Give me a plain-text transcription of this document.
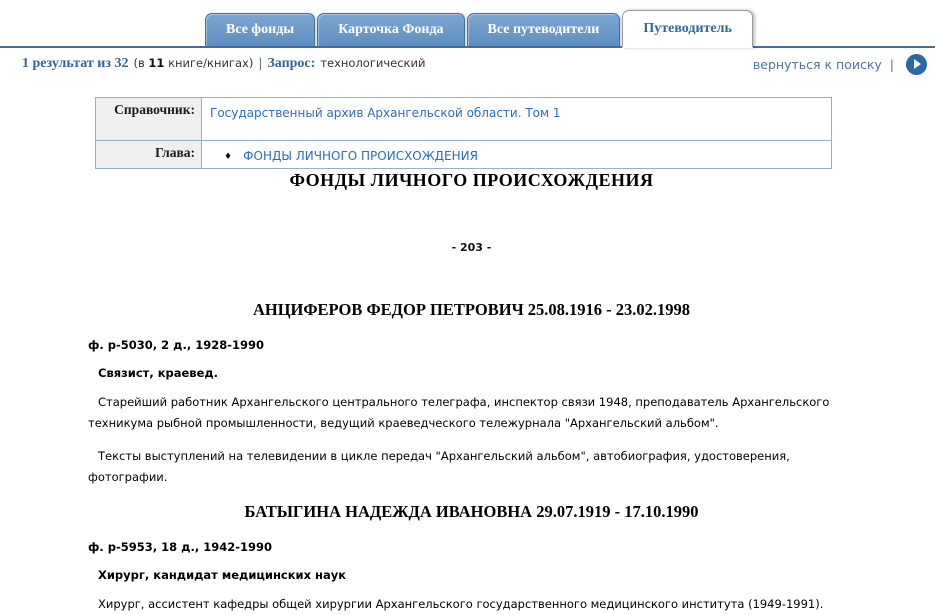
Все фонды	Карточка Фонда	Все путеводители	Путеводитель
1 результат из 32 (в 11 книге/книгах) | Запрос: технологический	вернуться к поиску |
Справочник:	Государственный архив Архангельской области. Том 1
Глава:	♦ ФОНДЫ ЛИЧНОГО ПРОИСХОЖДЕНИЯ
ФОНДЫ ЛИЧНОГО ПРОИСХОЖДЕНИЯ
- 203 -
АНЦИФЕРОВ ФЕДОР ПЕТРОВИЧ 25.08.1916 - 23.02.1998
ф. р-5030, 2 д., 1928-1990
Связист, краевед.
Старейший работник Архангельского центрального телеграфа, инспектор связи 1948, преподаватель Архангельского техникума рыбной промышленности, ведущий краеведческого тележурнала "Архангельский альбом".
Тексты выступлений на телевидении в цикле передач "Архангельский альбом", автобиография, удостоверения, фотографии.
БАТЫГИНА НАДЕЖДА ИВАНОВНА 29.07.1919 - 17.10.1990
ф. р-5953, 18 д., 1942-1990
Хирург, кандидат медицинских наук
Хирург, ассистент кафедры общей хирургии Архангельского государственного медицинского института (1949-1991).
